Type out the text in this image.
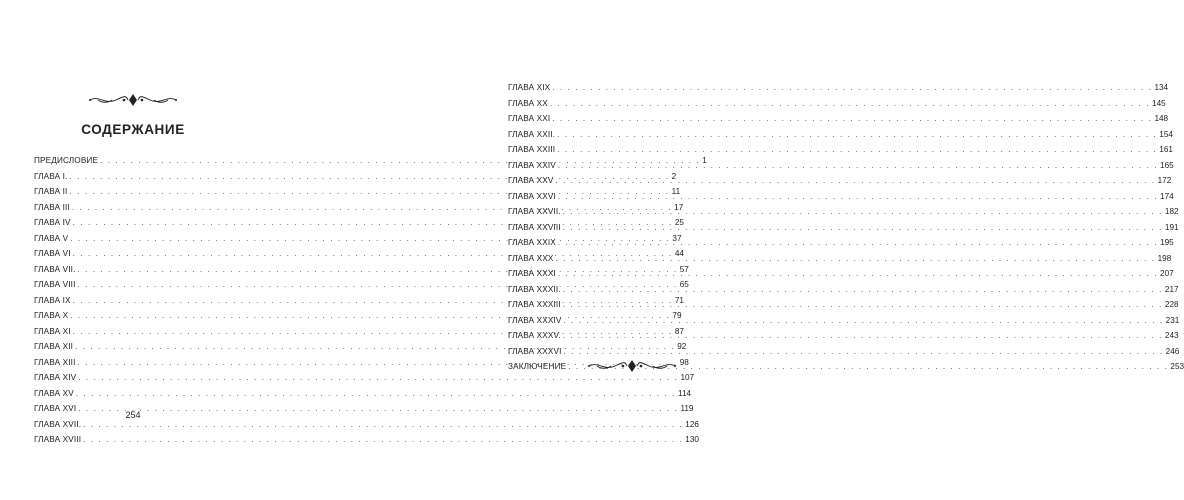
СОДЕРЖАНИЕ
ПРЕДИСЛОВИЕ . . .	1
ГЛАВА I. . . .	2
ГЛАВА II . . .	11
ГЛАВА III . . .	17
ГЛАВА IV . . .	25
ГЛАВА V . . .	37
ГЛАВА VI . . .	44
ГЛАВА VII. . . .	57
ГЛАВА VIII . . .	65
ГЛАВА IX . . .	71
ГЛАВА X . . .	79
ГЛАВА XI . . .	87
ГЛАВА XII . . .	92
ГЛАВА XIII . . .	98
ГЛАВА XIV . . .	107
ГЛАВА XV . . .	114
ГЛАВА XVI . . .	119
ГЛАВА XVII. . . .	126
ГЛАВА XVIII . . .	130
254
ГЛАВА XIX . . .	134
ГЛАВА XX . . .	145
ГЛАВА XXI . . .	148
ГЛАВА XXII. . . .	154
ГЛАВА XXIII . . .	161
ГЛАВА XXIV . . .	165
ГЛАВА XXV . . .	172
ГЛАВА XXVI . . .	174
ГЛАВА XXVII. . . .	182
ГЛАВА XXVIII . . .	191
ГЛАВА XXIX . . .	195
ГЛАВА XXX . . .	198
ГЛАВА XXXI . . .	207
ГЛАВА XXXII. . . .	217
ГЛАВА XXXIII . . .	228
ГЛАВА XXXIV . . .	231
ГЛАВА XXXV. . . .	243
ГЛАВА XXXVI . . .	246
ЗАКЛЮЧЕНИЕ . . .	253
